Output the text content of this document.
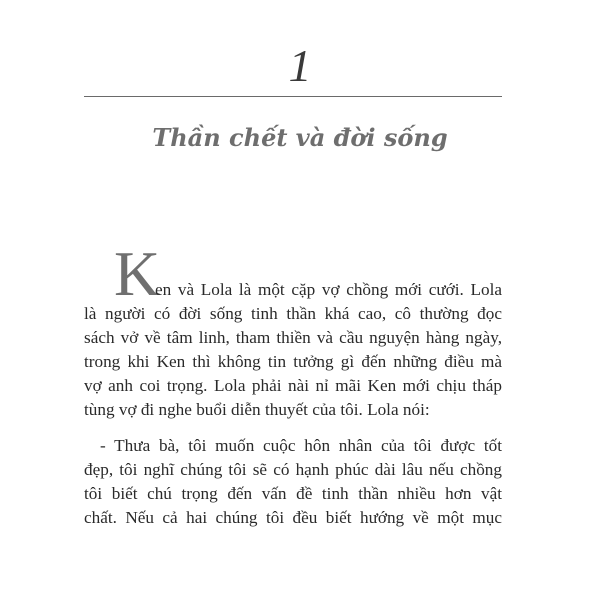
1
Thần chết và đời sống
K
en và Lola là một cặp vợ chồng mới cưới. Lola
là người có đời sống tinh thần khá cao, cô thường đọc
sách vở về tâm linh, tham thiền và cầu nguyện hàng ngày,
trong khi Ken thì không tin tưởng gì đến những điều mà
vợ anh coi trọng. Lola phải nài nỉ mãi Ken mới chịu tháp
tùng vợ đi nghe buổi diễn thuyết của tôi. Lola nói:
- Thưa bà, tôi muốn cuộc hôn nhân của tôi được tốt
đẹp, tôi nghĩ chúng tôi sẽ có hạnh phúc dài lâu nếu chồng
tôi biết chú trọng đến vấn đề tinh thần nhiều hơn vật
chất. Nếu cả hai chúng tôi đều biết hướng về một mục
